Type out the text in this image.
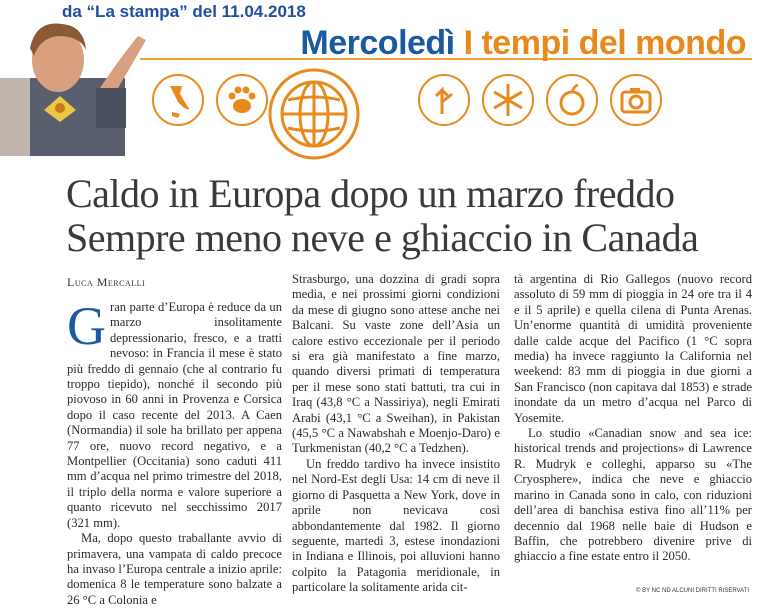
da “La stampa” del 11.04.2018
Mercoledì I tempi del mondo
Caldo in Europa dopo un marzo freddo
Sempre meno neve e ghiaccio in Canada
Luca Mercalli

Gran parte d’Europa è reduce da un marzo insolitamente depressionario, fresco, e a tratti nevoso: in Francia il mese è stato più freddo di gennaio (che al contrario fu troppo tiepido), nonché il secondo più piovoso in 60 anni in Provenza e Corsica dopo il caso recente del 2013. A Caen (Normandia) il sole ha brillato per appena 77 ore, nuovo record negativo, e a Montpellier (Occitania) sono caduti 411 mm d’acqua nel primo trimestre del 2018, il triplo della norma e valore superiore a quanto ricevuto nel secchissimo 2017 (321 mm).

Ma, dopo questo traballante avvio di primavera, una vampata di caldo precoce ha invaso l’Europa centrale a inizio aprile: domenica 8 le temperature sono balzate a 26 °C a Colonia e

Strasburgo, una dozzina di gradi sopra media, e nei prossimi giorni condizioni da mese di giugno sono attese anche nei Balcani. Su vaste zone dell’Asia un calore estivo eccezionale per il periodo si era già manifestato a fine marzo, quando diversi primati di temperatura per il mese sono stati battuti, tra cui in Iraq (43,8 °C a Nassiriya), negli Emirati Arabi (43,1 °C a Sweihan), in Pakistan (45,5 °C a Nawabshah e Moenjo-Daro) e Turkmenistan (40,2 °C a Tedzhen).

Un freddo tardivo ha invece insistito nel Nord-Est degli Usa: 14 cm di neve il giorno di Pasquetta a New York, dove in aprile non nevicava così abbondantemente dal 1982. Il giorno seguente, martedì 3, estese inondazioni in Indiana e Illinois, poi alluvioni hanno colpito la Patagonia meridionale, in particolare la solitamente arida cit-

tà argentina di Rio Gallegos (nuovo record assoluto di 59 mm di pioggia in 24 ore tra il 4 e il 5 aprile) e quella cilena di Punta Arenas. Un’enorme quantità di umidità proveniente dalle calde acque del Pacifico (1 °C sopra media) ha invece raggiunto la California nel weekend: 83 mm di pioggia in due giorni a San Francisco (non capitava dal 1853) e strade inondate da un metro d’acqua nel Parco di Yosemite.

Lo studio «Canadian snow and sea ice: historical trends and projections» di Lawrence R. Mudryk e colleghi, apparso su «The Cryosphere», indica che neve e ghiaccio marino in Canada sono in calo, con riduzioni dell’area di banchisa estiva fino all’11% per decennio dal 1968 nelle baie di Hudson e Baffin, che potrebbero divenire prive di ghiaccio a fine estate entro il 2050.

© BY NC ND ALCUNI DIRITTI RISERVATI
